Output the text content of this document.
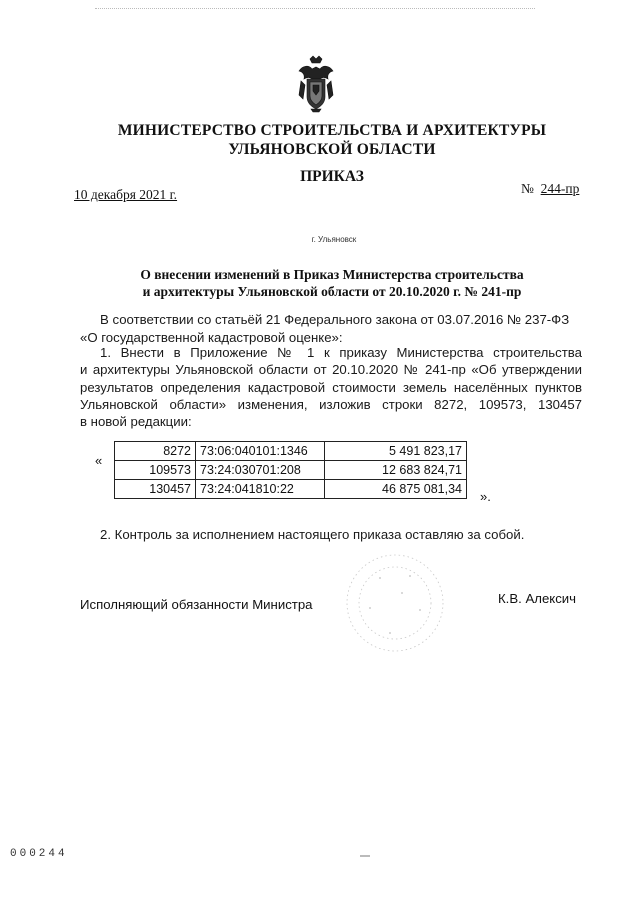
МИНИСТЕРСТВО СТРОИТЕЛЬСТВА И АРХИТЕКТУРЫ
УЛЬЯНОВСКОЙ ОБЛАСТИ
ПРИКАЗ
10 декабря 2021 г.	№ 244-пр
г. Ульяновск
О внесении изменений в Приказ Министерства строительства
и архитектуры Ульяновской области от 20.10.2020 г. № 241-пр
В соответствии со статьёй 21 Федерального закона от 03.07.2016 № 237-ФЗ
«О государственной кадастровой оценке»:
1. Внести в Приложение № 1 к приказу Министерства строительства
и архитектуры Ульяновской области от 20.10.2020 № 241-пр «Об утверждении
результатов определения кадастровой стоимости земель населённых пунктов
Ульяновской области» изменения, изложив строки 8272, 109573, 130457
в новой редакции:
«
8272	73:06:040101:1346	5 491 823,17
109573	73:24:030701:208	12 683 824,71
130457	73:24:041810:22	46 875 081,34 ».
2. Контроль за исполнением настоящего приказа оставляю за собой.
Исполняющий обязанности Министра	К.В. Алексич
000244
